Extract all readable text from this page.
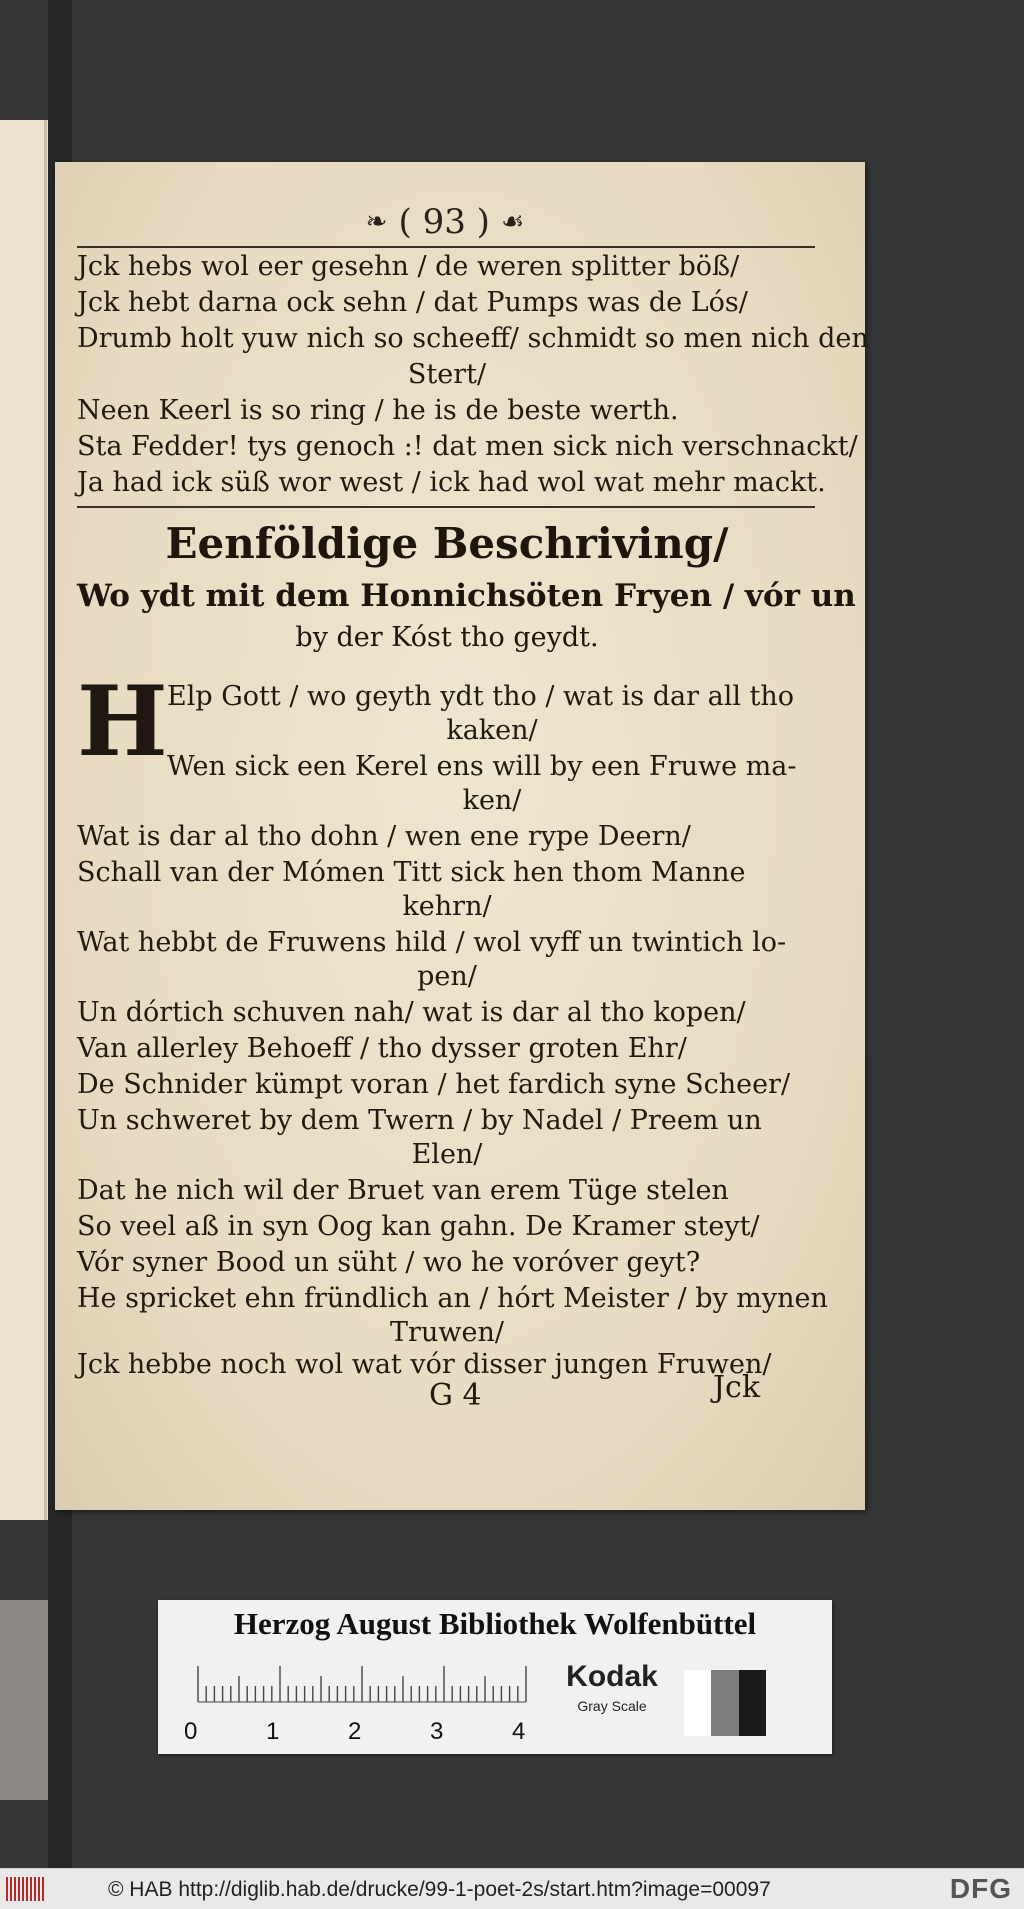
❧ ( 93 ) ☙
Jck hebs wol eer gesehn / de weren splitter böß/
Jck hebt darna ock sehn / dat Pumps was de Lós/
Drumb holt yuw nich so scheeff/ schmidt so men nich den
Stert/
Neen Keerl is so ring / he is de beste werth.
Sta Fedder! tys genoch :! dat men sick nich verschnackt/
Ja had ick süß wor west / ick had wol wat mehr mackt.
Eenföldige Beschriving/
Wo ydt mit dem Honnichsöten Fryen / vór un
by der Kóst tho geydt.
H Elp Gott / wo geyth ydt tho / wat is dar all tho
kaken/
Wen sick een Kerel ens will by een Fruwe ma-
ken/
Wat is dar al tho dohn / wen ene rype Deern/
Schall van der Mómen Titt sick hen thom Manne
kehrn/
Wat hebbt de Fruwens hild / wol vyff un twintich lo-
pen/
Un dórtich schuven nah/ wat is dar al tho kopen/
Van allerley Behoeff / tho dysser groten Ehr/
De Schnider kümpt voran / het fardich syne Scheer/
Un schweret by dem Twern / by Nadel / Preem un
Elen/
Dat he nich wil der Bruet van erem Tüge stelen
So veel aß in syn Oog kan gahn. De Kramer steyt/
Vór syner Bood un süht / wo he voróver geyt?
He spricket ehn fründlich an / hórt Meister / by mynen
Truwen/
Jck hebbe noch wol wat vór disser jungen Fruwen/
G 4	Jck
Herzog August Bibliothek Wolfenbüttel
0	1	2	3	4
Kodak
Gray Scale
© HAB http://diglib.hab.de/drucke/99-1-poet-2s/start.htm?image=00097	DFG
